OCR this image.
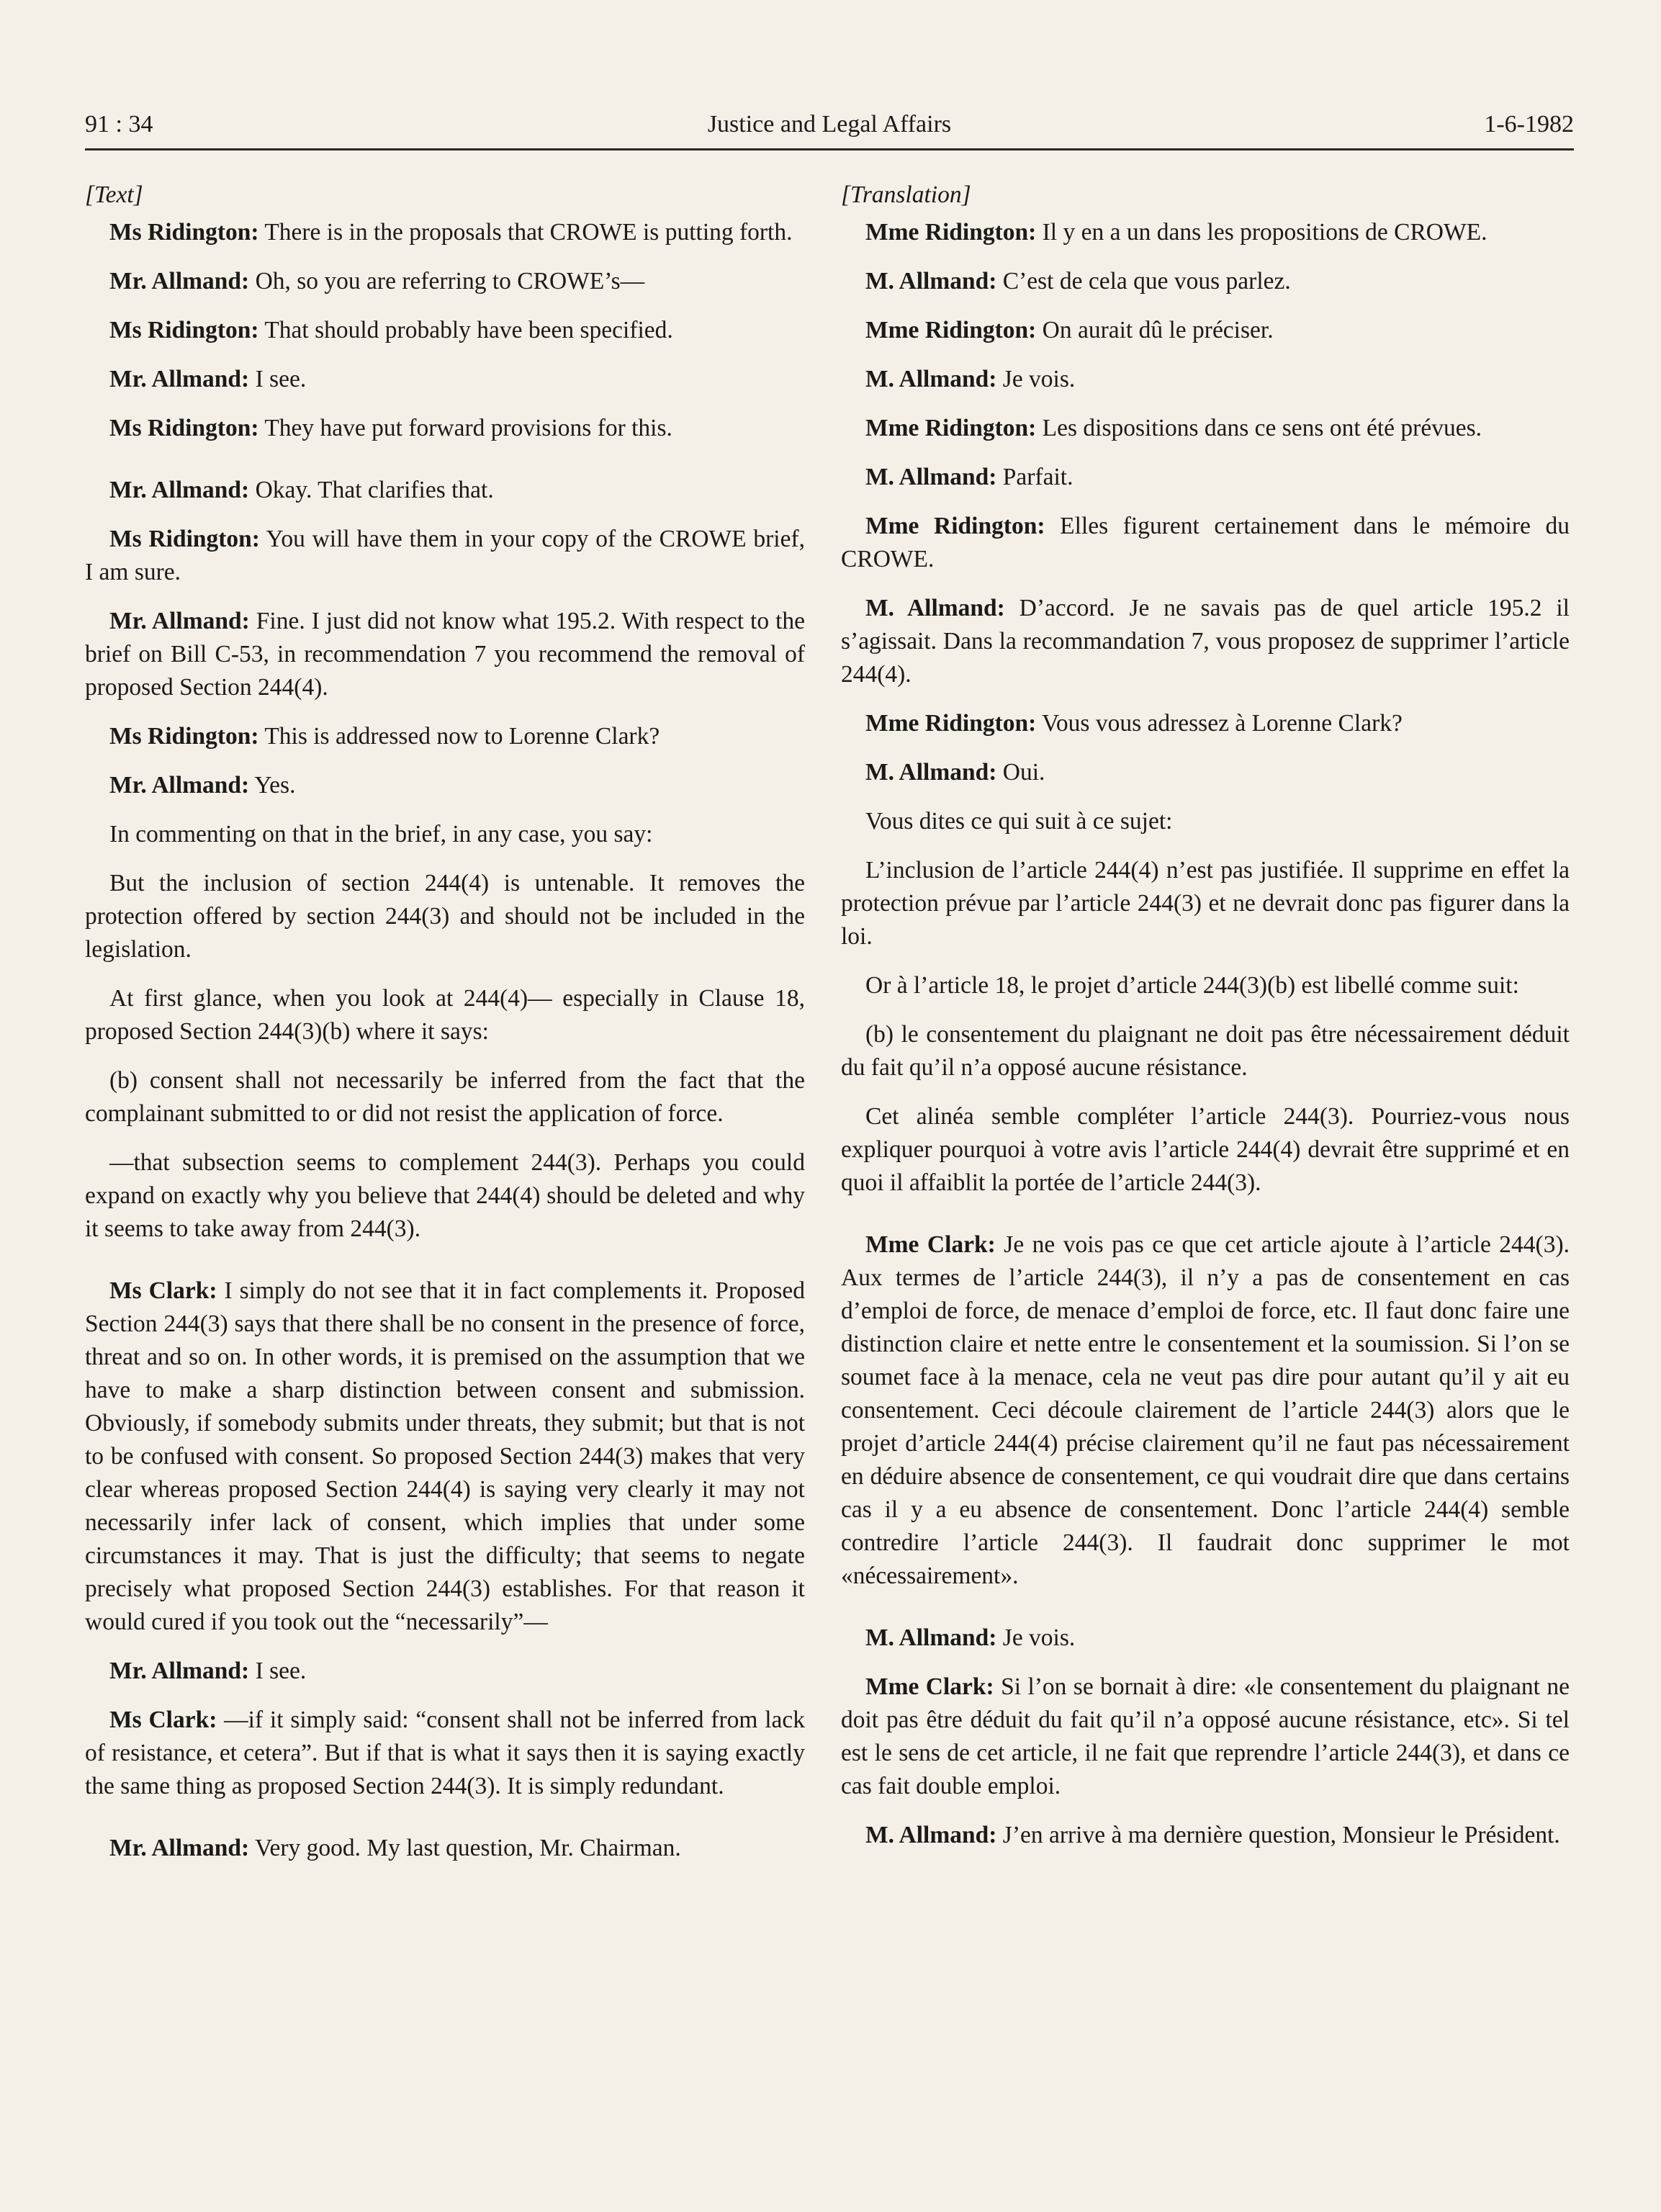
91 : 34	Justice and Legal Affairs	1-6-1982

[Text]

Ms Ridington: There is in the proposals that CROWE is putting forth.

Mr. Allmand: Oh, so you are referring to CROWE’s—

Ms Ridington: That should probably have been specified.

Mr. Allmand: I see.

Ms Ridington: They have put forward provisions for this.

Mr. Allmand: Okay. That clarifies that.

Ms Ridington: You will have them in your copy of the CROWE brief, I am sure.

Mr. Allmand: Fine. I just did not know what 195.2. With respect to the brief on Bill C-53, in recommendation 7 you recommend the removal of proposed Section 244(4).

Ms Ridington: This is addressed now to Lorenne Clark?

Mr. Allmand: Yes.

In commenting on that in the brief, in any case, you say:

But the inclusion of section 244(4) is untenable. It removes the protection offered by section 244(3) and should not be included in the legislation.

At first glance, when you look at 244(4)— especially in Clause 18, proposed Section 244(3)(b) where it says:

(b) consent shall not necessarily be inferred from the fact that the complainant submitted to or did not resist the application of force.

—that subsection seems to complement 244(3). Perhaps you could expand on exactly why you believe that 244(4) should be deleted and why it seems to take away from 244(3).

Ms Clark: I simply do not see that it in fact complements it. Proposed Section 244(3) says that there shall be no consent in the presence of force, threat and so on. In other words, it is premised on the assumption that we have to make a sharp distinction between consent and submission. Obviously, if somebody submits under threats, they submit; but that is not to be confused with consent. So proposed Section 244(3) makes that very clear whereas proposed Section 244(4) is saying very clearly it may not necessarily infer lack of consent, which implies that under some circumstances it may. That is just the difficulty; that seems to negate precisely what proposed Section 244(3) establishes. For that reason it would cured if you took out the “necessarily”—

Mr. Allmand: I see.

Ms Clark: —if it simply said: “consent shall not be inferred from lack of resistance, et cetera”. But if that is what it says then it is saying exactly the same thing as proposed Section 244(3). It is simply redundant.

Mr. Allmand: Very good. My last question, Mr. Chairman.

[Translation]

Mme Ridington: Il y en a un dans les propositions de CROWE.

M. Allmand: C’est de cela que vous parlez.

Mme Ridington: On aurait dû le préciser.

M. Allmand: Je vois.

Mme Ridington: Les dispositions dans ce sens ont été prévues.

M. Allmand: Parfait.

Mme Ridington: Elles figurent certainement dans le mémoire du CROWE.

M. Allmand: D’accord. Je ne savais pas de quel article 195.2 il s’agissait. Dans la recommandation 7, vous proposez de supprimer l’article 244(4).

Mme Ridington: Vous vous adressez à Lorenne Clark?

M. Allmand: Oui.

Vous dites ce qui suit à ce sujet:

L’inclusion de l’article 244(4) n’est pas justifiée. Il supprime en effet la protection prévue par l’article 244(3) et ne devrait donc pas figurer dans la loi.

Or à l’article 18, le projet d’article 244(3)(b) est libellé comme suit:

(b) le consentement du plaignant ne doit pas être nécessairement déduit du fait qu’il n’a opposé aucune résistance.

Cet alinéa semble compléter l’article 244(3). Pourriez-vous nous expliquer pourquoi à votre avis l’article 244(4) devrait être supprimé et en quoi il affaiblit la portée de l’article 244(3).

Mme Clark: Je ne vois pas ce que cet article ajoute à l’article 244(3). Aux termes de l’article 244(3), il n’y a pas de consentement en cas d’emploi de force, de menace d’emploi de force, etc. Il faut donc faire une distinction claire et nette entre le consentement et la soumission. Si l’on se soumet face à la menace, cela ne veut pas dire pour autant qu’il y ait eu consentement. Ceci découle clairement de l’article 244(3) alors que le projet d’article 244(4) précise clairement qu’il ne faut pas nécessairement en déduire absence de consentement, ce qui voudrait dire que dans certains cas il y a eu absence de consentement. Donc l’article 244(4) semble contredire l’article 244(3). Il faudrait donc supprimer le mot «nécessairement».

M. Allmand: Je vois.

Mme Clark: Si l’on se bornait à dire: «le consentement du plaignant ne doit pas être déduit du fait qu’il n’a opposé aucune résistance, etc». Si tel est le sens de cet article, il ne fait que reprendre l’article 244(3), et dans ce cas fait double emploi.

M. Allmand: J’en arrive à ma dernière question, Monsieur le Président.
